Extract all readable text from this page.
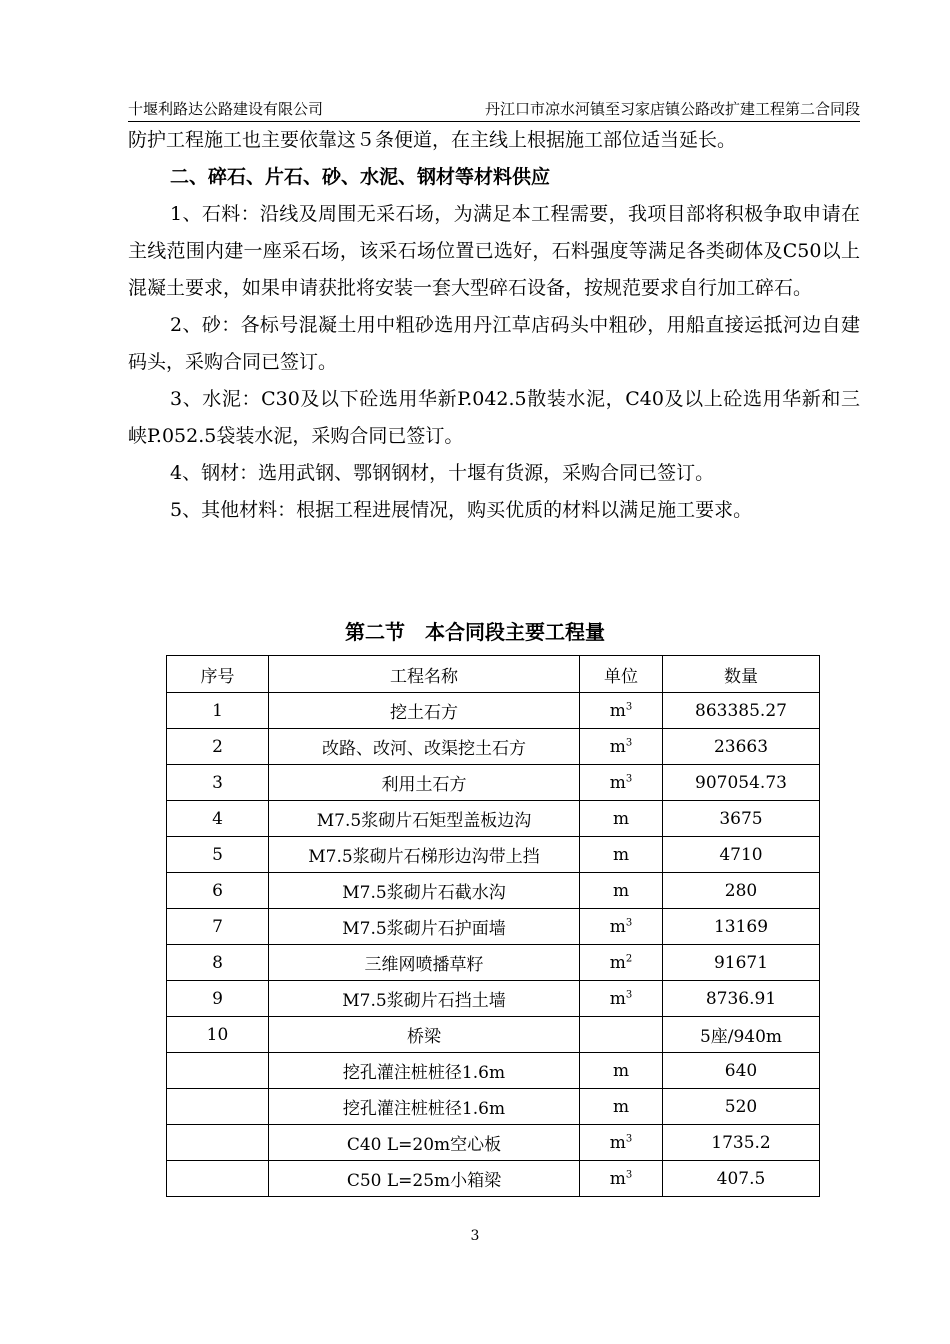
十堰利路达公路建设有限公司	丹江口市凉水河镇至习家店镇公路改扩建工程第二合同段

防护工程施工也主要依靠这５条便道，在主线上根据施工部位适当延长。

二、碎石、片石、砂、水泥、钢材等材料供应

1、石料：沿线及周围无采石场，为满足本工程需要，我项目部将积极争取申请在主线范围内建一座采石场，该采石场位置已选好，石料强度等满足各类砌体及C50以上混凝土要求，如果申请获批将安装一套大型碎石设备，按规范要求自行加工碎石。

2、砂：各标号混凝土用中粗砂选用丹江草店码头中粗砂，用船直接运抵河边自建码头，采购合同已签订。

3、水泥：C30及以下砼选用华新P.042.5散装水泥，C40及以上砼选用华新和三峡P.052.5袋装水泥，采购合同已签订。

4、钢材：选用武钢、鄂钢钢材，十堰有货源，采购合同已签订。

5、其他材料：根据工程进展情况，购买优质的材料以满足施工要求。

第二节　本合同段主要工程量
序号	工程名称	单位	数量
1	挖土石方	$m^3$	863385.27
2	改路、改河、改渠挖土石方	$m^3$	23663
3	利用土石方	$m^3$	907054.73
4	M7.5浆砌片石矩型盖板边沟	m	3675
5	M7.5浆砌片石梯形边沟带上挡	m	4710
6	M7.5浆砌片石截水沟	m	280
7	M7.5浆砌片石护面墙	$m^3$	13169
8	三维网喷播草籽	$m^2$	91671
9	M7.5浆砌片石挡土墙	$m^3$	8736.91
10	桥梁		5座/940m
	挖孔灌注桩桩径1.6m	m	640
	挖孔灌注桩桩径1.6m	m	520
	C40 L=20m空心板	$m^3$	1735.2
	C50 L=25m小箱梁	$m^3$	407.5
3
